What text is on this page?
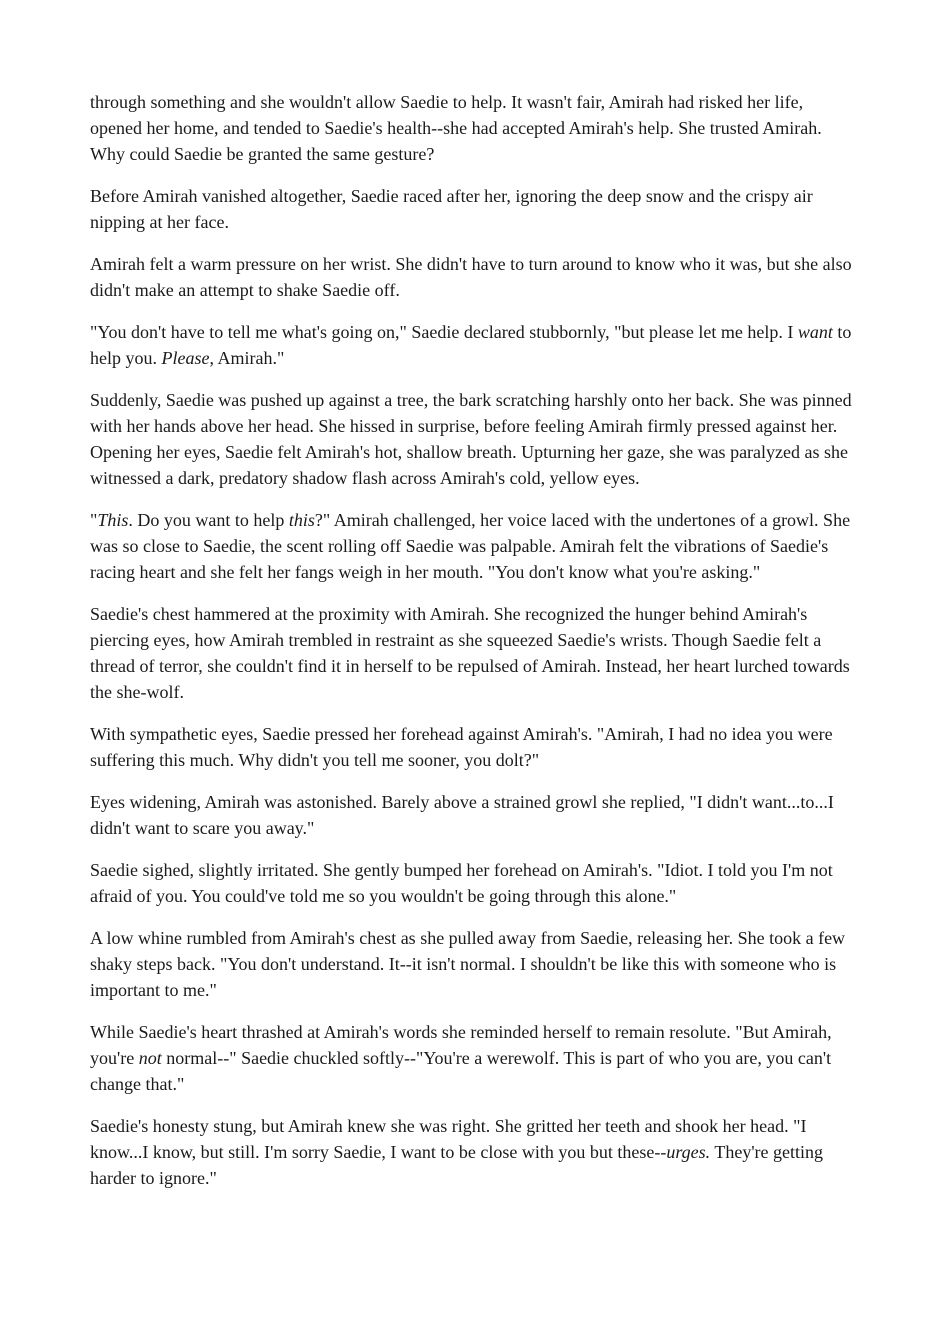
through something and she wouldn't allow Saedie to help. It wasn't fair, Amirah had risked her life, opened her home, and tended to Saedie's health--she had accepted Amirah's help. She trusted Amirah. Why could Saedie be granted the same gesture?

Before Amirah vanished altogether, Saedie raced after her, ignoring the deep snow and the crispy air nipping at her face.

Amirah felt a warm pressure on her wrist. She didn't have to turn around to know who it was, but she also didn't make an attempt to shake Saedie off.

"You don't have to tell me what's going on," Saedie declared stubbornly, "but please let me help. I want to help you. Please, Amirah."

Suddenly, Saedie was pushed up against a tree, the bark scratching harshly onto her back. She was pinned with her hands above her head. She hissed in surprise, before feeling Amirah firmly pressed against her. Opening her eyes, Saedie felt Amirah's hot, shallow breath. Upturning her gaze, she was paralyzed as she witnessed a dark, predatory shadow flash across Amirah's cold, yellow eyes.

"This. Do you want to help this?" Amirah challenged, her voice laced with the undertones of a growl. She was so close to Saedie, the scent rolling off Saedie was palpable. Amirah felt the vibrations of Saedie's racing heart and she felt her fangs weigh in her mouth. "You don't know what you're asking."

Saedie's chest hammered at the proximity with Amirah. She recognized the hunger behind Amirah's piercing eyes, how Amirah trembled in restraint as she squeezed Saedie's wrists. Though Saedie felt a thread of terror, she couldn't find it in herself to be repulsed of Amirah. Instead, her heart lurched towards the she-wolf.

With sympathetic eyes, Saedie pressed her forehead against Amirah's. "Amirah, I had no idea you were suffering this much. Why didn't you tell me sooner, you dolt?"

Eyes widening, Amirah was astonished. Barely above a strained growl she replied, "I didn't want...to...I didn't want to scare you away."

Saedie sighed, slightly irritated. She gently bumped her forehead on Amirah's. "Idiot. I told you I'm not afraid of you. You could've told me so you wouldn't be going through this alone."

A low whine rumbled from Amirah's chest as she pulled away from Saedie, releasing her. She took a few shaky steps back. "You don't understand. It--it isn't normal. I shouldn't be like this with someone who is important to me."

While Saedie's heart thrashed at Amirah's words she reminded herself to remain resolute. "But Amirah, you're not normal--" Saedie chuckled softly--"You're a werewolf. This is part of who you are, you can't change that."

Saedie's honesty stung, but Amirah knew she was right. She gritted her teeth and shook her head. "I know...I know, but still. I'm sorry Saedie, I want to be close with you but these--urges. They're getting harder to ignore."
